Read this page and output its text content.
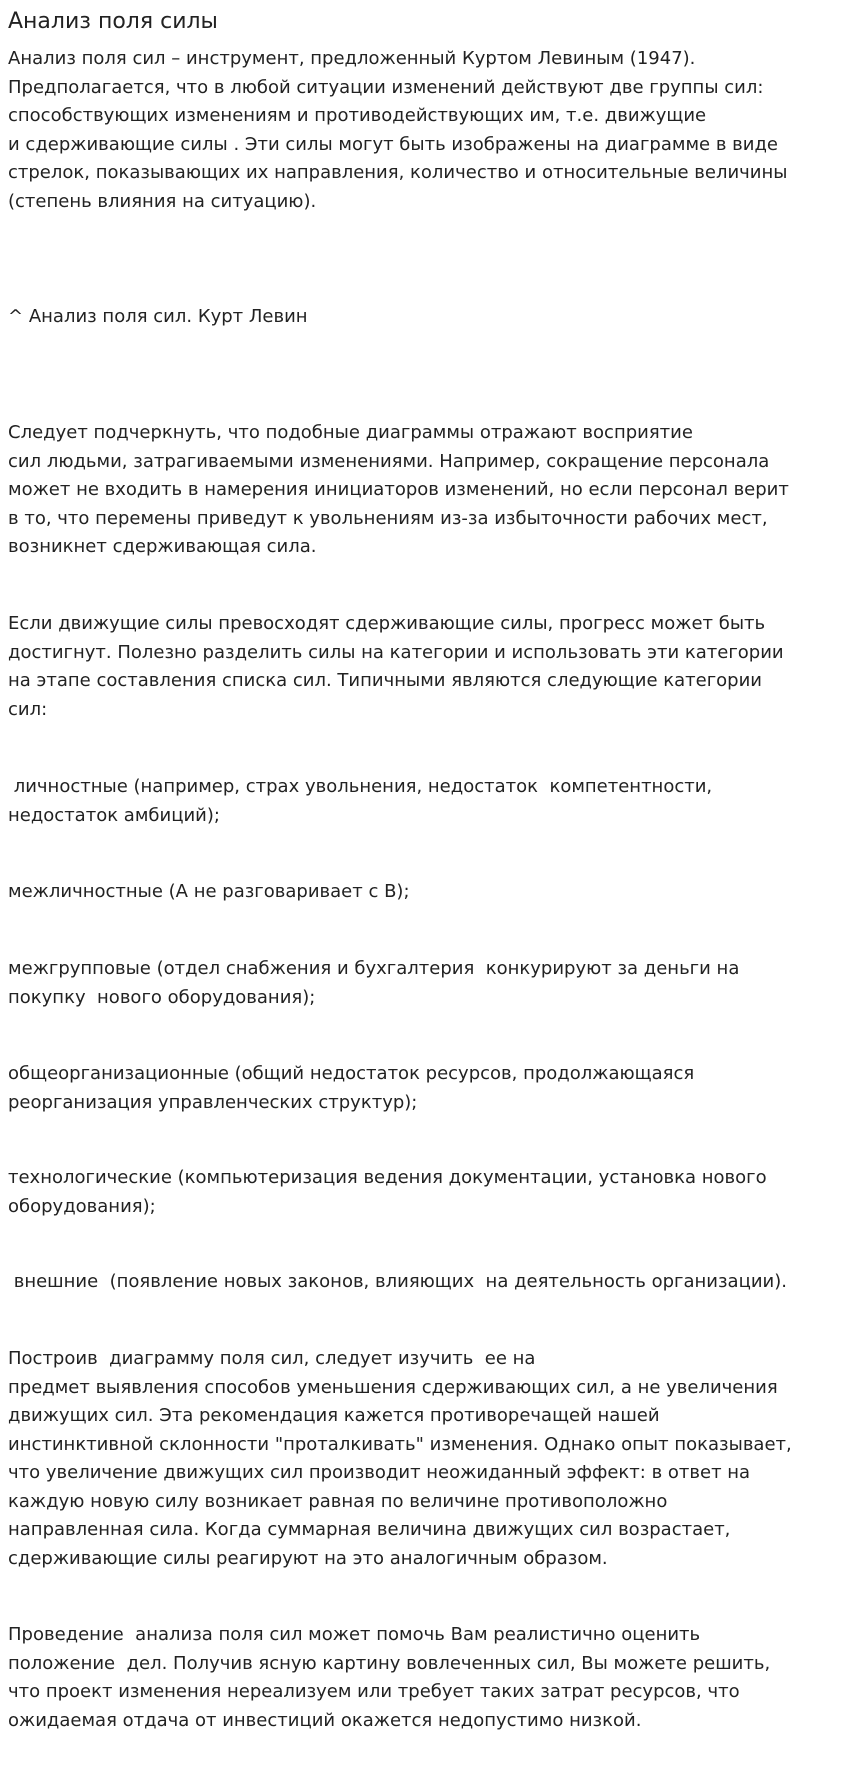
Анализ поля силы
Анализ поля сил – инструмент, предложенный Куртом Левиным (1947).
Предполагается, что в любой ситуации изменений действуют две группы сил:
способствующих изменениям и противодействующих им, т.е. движущие
и сдерживающие силы . Эти силы могут быть изображены на диаграмме в виде
стрелок, показывающих их направления, количество и относительные величины
(степень влияния на ситуацию).
^ Анализ поля сил. Курт Левин
Следует подчеркнуть, что подобные диаграммы отражают восприятие
сил людьми, затрагиваемыми изменениями. Например, сокращение персонала
может не входить в намерения инициаторов изменений, но если персонал верит
в то, что перемены приведут к увольнениям из-за избыточности рабочих мест,
возникнет сдерживающая сила.
Если движущие силы превосходят сдерживающие силы, прогресс может быть
достигнут. Полезно разделить силы на категории и использовать эти категории
на этапе составления списка сил. Типичными являются следующие категории
сил:
личностные (например, страх увольнения, недостаток  компетентности,
недостаток амбиций);
межличностные (А не разговаривает с В);
межгрупповые (отдел снабжения и бухгалтерия  конкурируют за деньги на
покупку  нового оборудования);
общеорганизационные (общий недостаток ресурсов, продолжающаяся
реорганизация управленческих структур);
технологические (компьютеризация ведения документации, установка нового
оборудования);
внешние  (появление новых законов, влияющих  на деятельность организации).
Построив  диаграмму поля сил, следует изучить  ее на
предмет выявления способов уменьшения сдерживающих сил, а не увеличения
движущих сил. Эта рекомендация кажется противоречащей нашей
инстинктивной склонности "проталкивать" изменения. Однако опыт показывает,
что увеличение движущих сил производит неожиданный эффект: в ответ на
каждую новую силу возникает равная по величине противоположно
направленная сила. Когда суммарная величина движущих сил возрастает,
сдерживающие силы реагируют на это аналогичным образом.
Проведение  анализа поля сил может помочь Вам реалистично оценить
положение  дел. Получив ясную картину вовлеченных сил, Вы можете решить,
что проект изменения нереализуем или требует таких затрат ресурсов, что
ожидаемая отдача от инвестиций окажется недопустимо низкой.
